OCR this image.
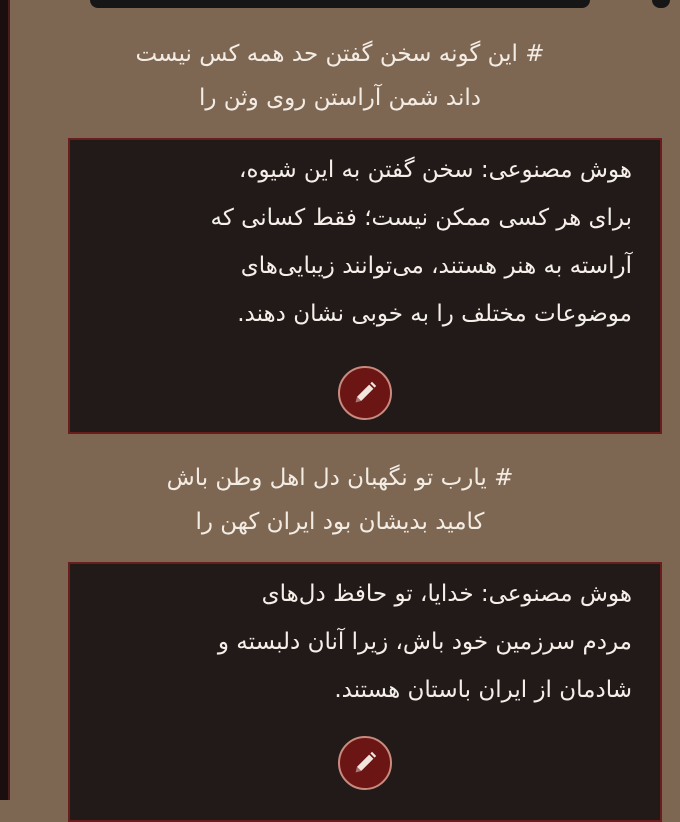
# این گونه سخن گفتن حد همه کس نیست
داند شمن آراستن روی وثن را

هوش مصنوعی: سخن گفتن به این شیوه،
برای هر کسی ممکن نیست؛ فقط کسانی که
آراسته به هنر هستند، می‌توانند زیبایی‌های
موضوعات مختلف را به خوبی نشان دهند.

# یارب تو نگهبان دل اهل وطن باش
کامید بدیشان بود ایران کهن را

هوش مصنوعی: خدایا، تو حافظ دل‌های
مردم سرزمین خود باش، زیرا آنان دلبسته و
شادمان از ایران باستان هستند.
